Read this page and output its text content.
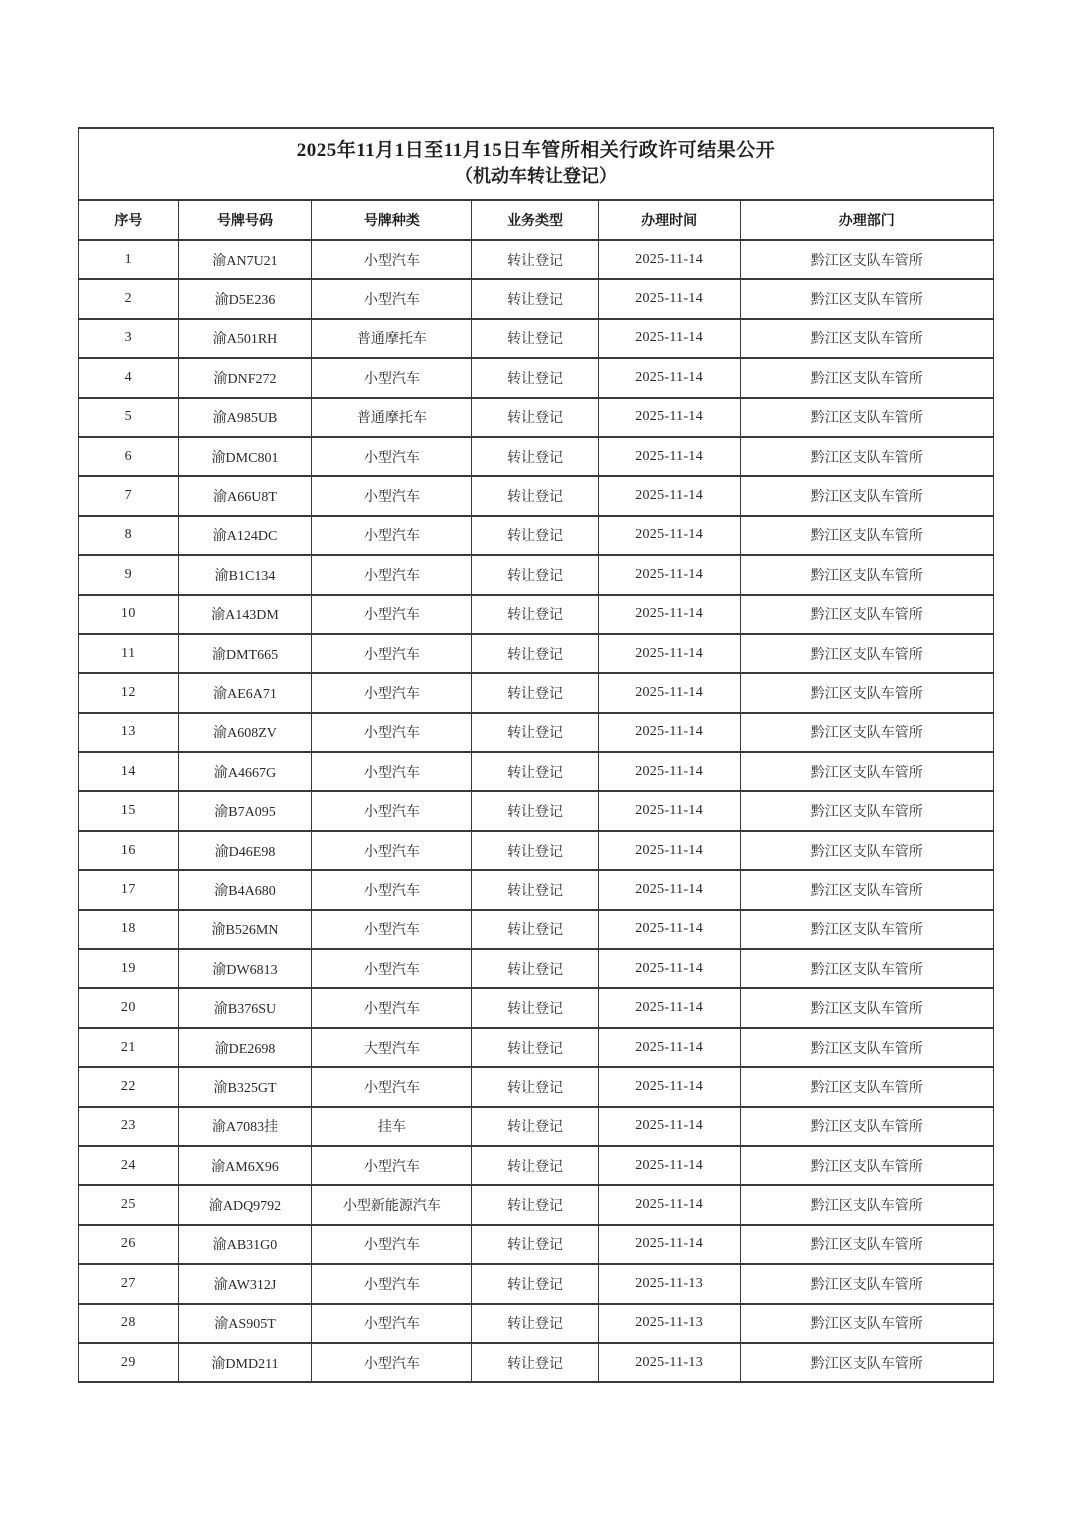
2025年11月1日至11月15日车管所相关行政许可结果公开
（机动车转让登记）					

序号	号牌号码	号牌种类	业务类型	办理时间	办理部门
1	渝AN7U21	小型汽车	转让登记	2025-11-14	黔江区支队车管所
2	渝D5E236	小型汽车	转让登记	2025-11-14	黔江区支队车管所
3	渝A501RH	普通摩托车	转让登记	2025-11-14	黔江区支队车管所
4	渝DNF272	小型汽车	转让登记	2025-11-14	黔江区支队车管所
5	渝A985UB	普通摩托车	转让登记	2025-11-14	黔江区支队车管所
6	渝DMC801	小型汽车	转让登记	2025-11-14	黔江区支队车管所
7	渝A66U8T	小型汽车	转让登记	2025-11-14	黔江区支队车管所
8	渝A124DC	小型汽车	转让登记	2025-11-14	黔江区支队车管所
9	渝B1C134	小型汽车	转让登记	2025-11-14	黔江区支队车管所
10	渝A143DM	小型汽车	转让登记	2025-11-14	黔江区支队车管所
11	渝DMT665	小型汽车	转让登记	2025-11-14	黔江区支队车管所
12	渝AE6A71	小型汽车	转让登记	2025-11-14	黔江区支队车管所
13	渝A608ZV	小型汽车	转让登记	2025-11-14	黔江区支队车管所
14	渝A4667G	小型汽车	转让登记	2025-11-14	黔江区支队车管所
15	渝B7A095	小型汽车	转让登记	2025-11-14	黔江区支队车管所
16	渝D46E98	小型汽车	转让登记	2025-11-14	黔江区支队车管所
17	渝B4A680	小型汽车	转让登记	2025-11-14	黔江区支队车管所
18	渝B526MN	小型汽车	转让登记	2025-11-14	黔江区支队车管所
19	渝DW6813	小型汽车	转让登记	2025-11-14	黔江区支队车管所
20	渝B376SU	小型汽车	转让登记	2025-11-14	黔江区支队车管所
21	渝DE2698	大型汽车	转让登记	2025-11-14	黔江区支队车管所
22	渝B325GT	小型汽车	转让登记	2025-11-14	黔江区支队车管所
23	渝A7083挂	挂车	转让登记	2025-11-14	黔江区支队车管所
24	渝AM6X96	小型汽车	转让登记	2025-11-14	黔江区支队车管所
25	渝ADQ9792	小型新能源汽车	转让登记	2025-11-14	黔江区支队车管所
26	渝AB31G0	小型汽车	转让登记	2025-11-14	黔江区支队车管所
27	渝AW312J	小型汽车	转让登记	2025-11-13	黔江区支队车管所
28	渝AS905T	小型汽车	转让登记	2025-11-13	黔江区支队车管所
29	渝DMD211	小型汽车	转让登记	2025-11-13	黔江区支队车管所
